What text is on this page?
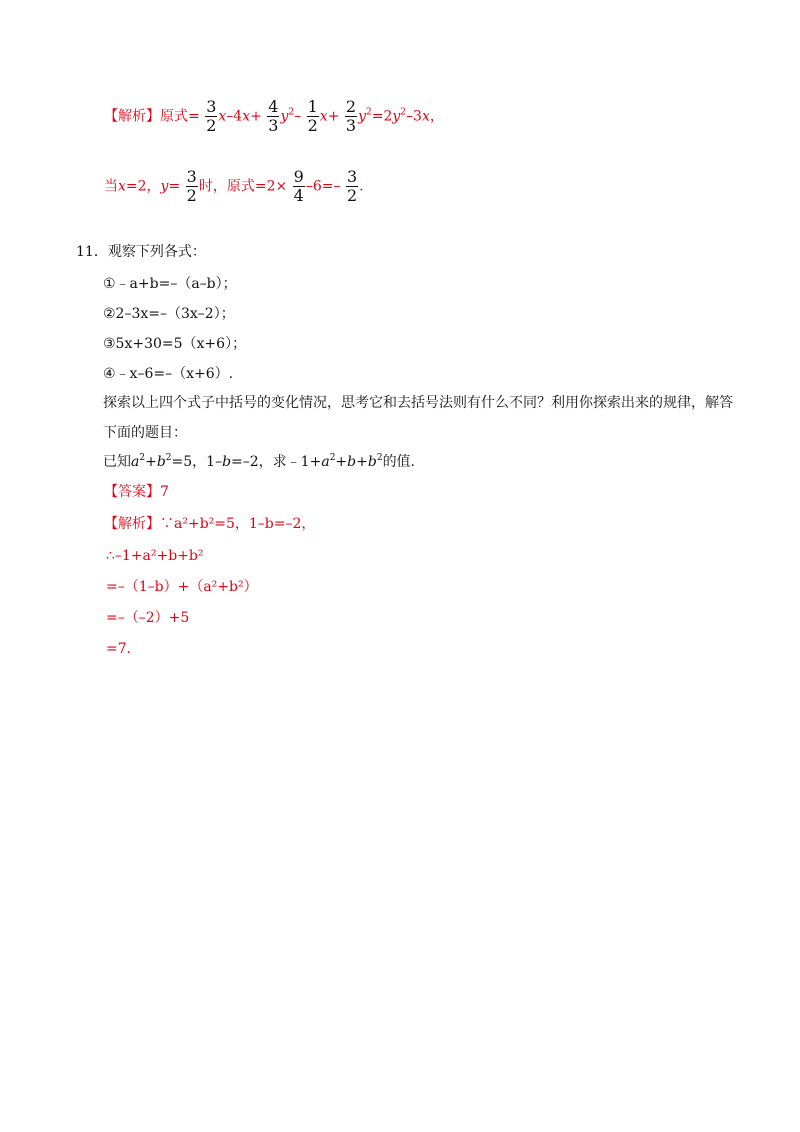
【解析】原式= $\frac{3}{2} x-4x+ \frac{4}{3} y^2- \frac{1}{2} x+ \frac{2}{3} y^2=2y^2-3x$，
当x=2，$y= \frac{3}{2}$ 时，原式$=2\times \frac{9}{4} -6=- \frac{3}{2}$ .
11．观察下列各式：
①﹣a+b=–（a–b）；
②2–3x=–（3x–2）；
③5x+30=5（x+6）；
④﹣x–6=–（x+6）.
探索以上四个式子中括号的变化情况，思考它和去括号法则有什么不同？利用你探索出来的规律，解答
下面的题目：
已知$a^2+b^2=5$，1–b=–2，求$﹣1+a^2+b+b^2$的值.
【答案】7
【解析】∵a²+b²=5，1–b=–2，
∴–1+a²+b+b²
=–（1–b）+（a²+b²）
=–（–2）+5
=7.
